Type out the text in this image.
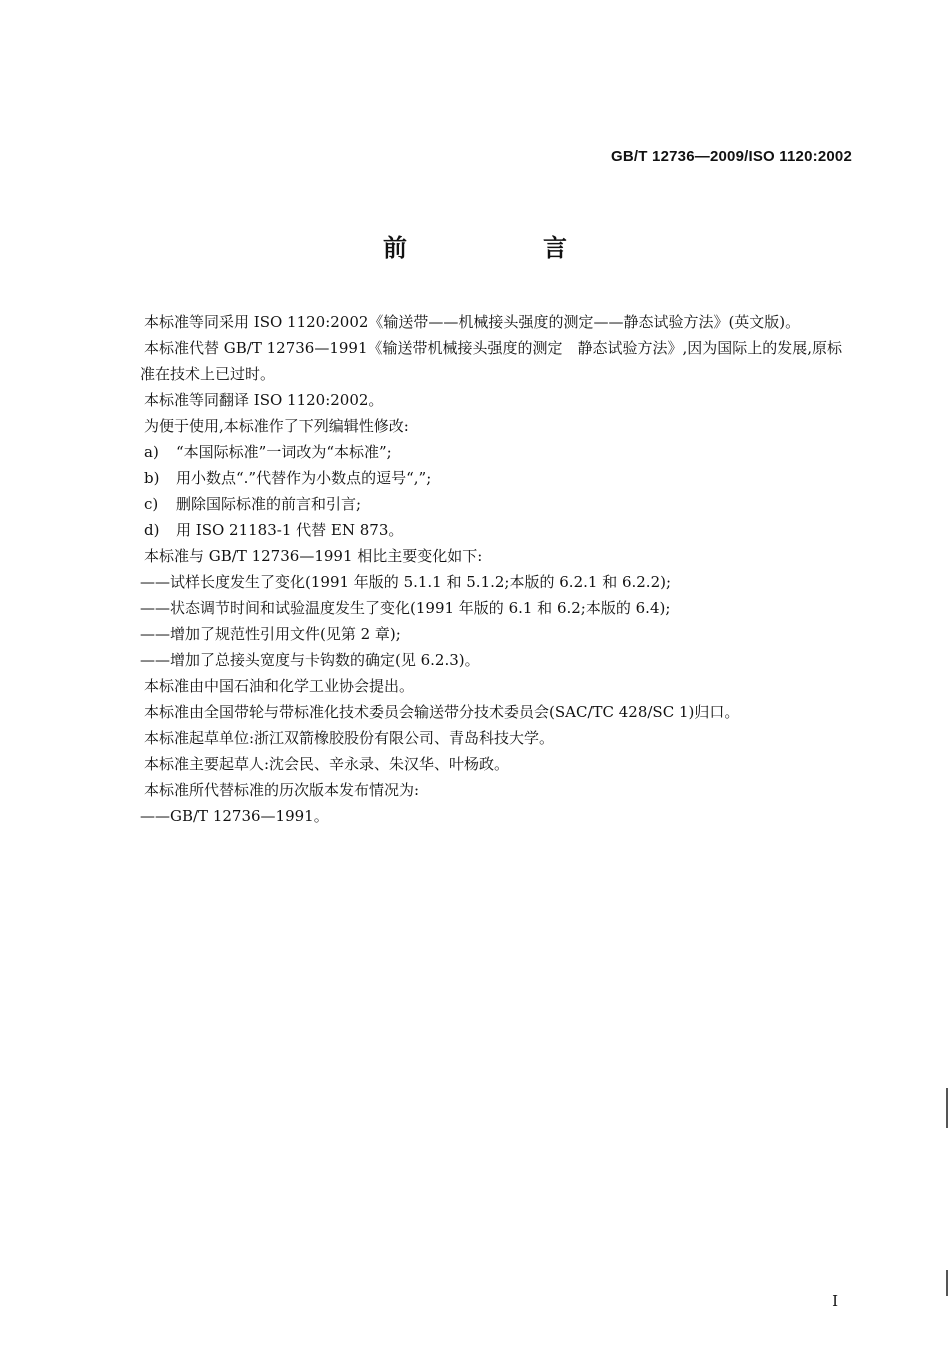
GB/T 12736—2009/ISO 1120:2002
前　言

本标准等同采用 ISO 1120:2002《输送带——机械接头强度的测定——静态试验方法》(英文版)。

本标准代替 GB/T 12736—1991《输送带机械接头强度的测定　静态试验方法》,因为国际上的发展,原标准在技术上已过时。

本标准等同翻译 ISO 1120:2002。

为便于使用,本标准作了下列编辑性修改:

a) “本国际标准”一词改为“本标准”;

b) 用小数点“.”代替作为小数点的逗号“,”;

c) 删除国际标准的前言和引言;

d) 用 ISO 21183-1 代替 EN 873。

本标准与 GB/T 12736—1991 相比主要变化如下:

——试样长度发生了变化(1991 年版的 5.1.1 和 5.1.2;本版的 6.2.1 和 6.2.2);

——状态调节时间和试验温度发生了变化(1991 年版的 6.1 和 6.2;本版的 6.4);

——增加了规范性引用文件(见第 2 章);

——增加了总接头宽度与卡钩数的确定(见 6.2.3)。

本标准由中国石油和化学工业协会提出。

本标准由全国带轮与带标准化技术委员会输送带分技术委员会(SAC/TC 428/SC 1)归口。

本标准起草单位:浙江双箭橡胶股份有限公司、青岛科技大学。

本标准主要起草人:沈会民、辛永录、朱汉华、叶杨政。

本标准所代替标准的历次版本发布情况为:

——GB/T 12736—1991。

I
